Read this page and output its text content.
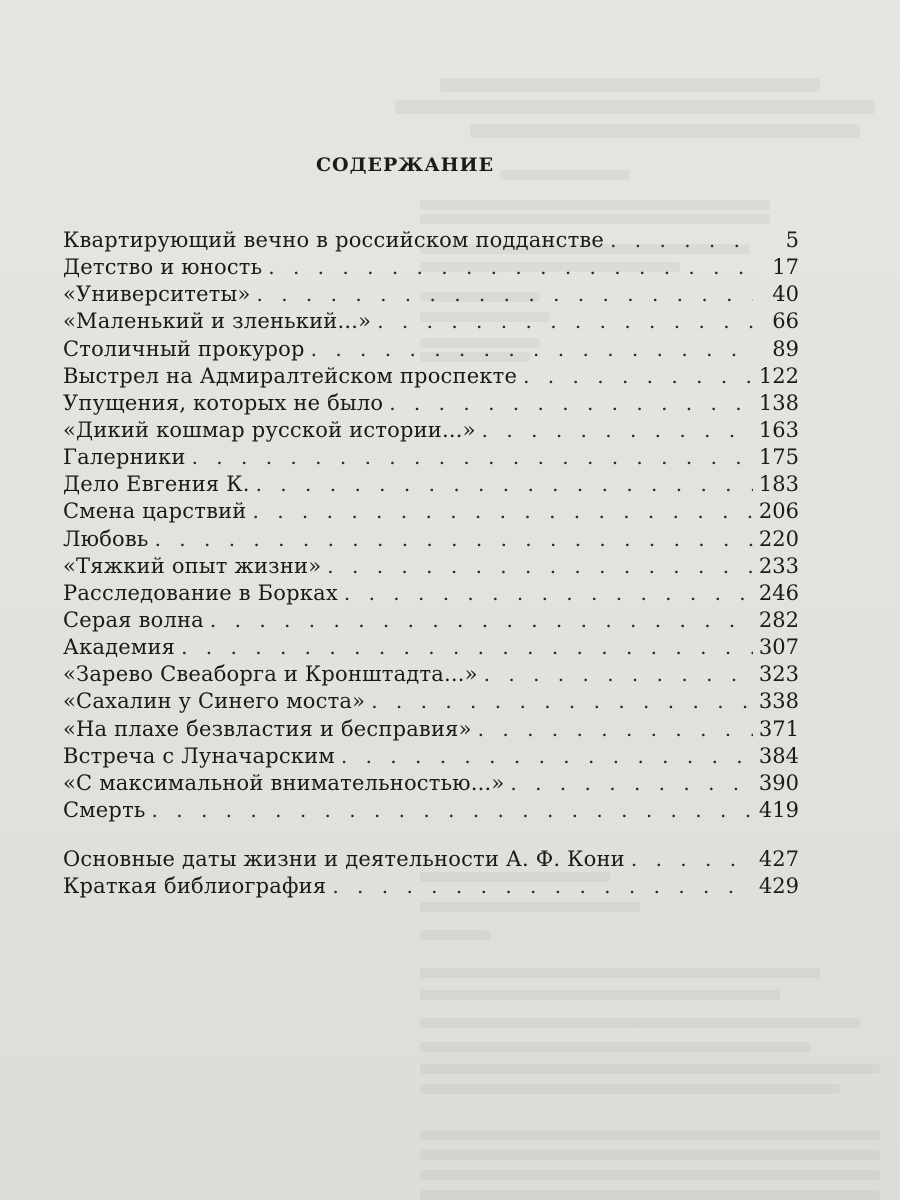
СОДЕРЖАНИЕ
Квартирующий вечно в российском подданстве . . .	5
Детство и юность . . .	17
«Университеты» . . .	40
«Маленький и зленький...» . . .	66
Столичный прокурор . . .	89
Выстрел на Адмиралтейском проспекте . . .	122
Упущения, которых не было . . .	138
«Дикий кошмар русской истории...» . . .	163
Галерники . . .	175
Дело Евгения К. . . .	183
Смена царствий . . .	206
Любовь . . .	220
«Тяжкий опыт жизни» . . .	233
Расследование в Борках . . .	246
Серая волна . . .	282
Академия . . .	307
«Зарево Свеаборга и Кронштадта...» . . .	323
«Сахалин у Синего моста» . . .	338
«На плахе безвластия и бесправия» . . .	371
Встреча с Луначарским . . .	384
«С максимальной внимательностью...» . . .	390
Смерть . . .	419
Основные даты жизни и деятельности А. Ф. Кони . . .	427
Краткая библиография . . .	429
